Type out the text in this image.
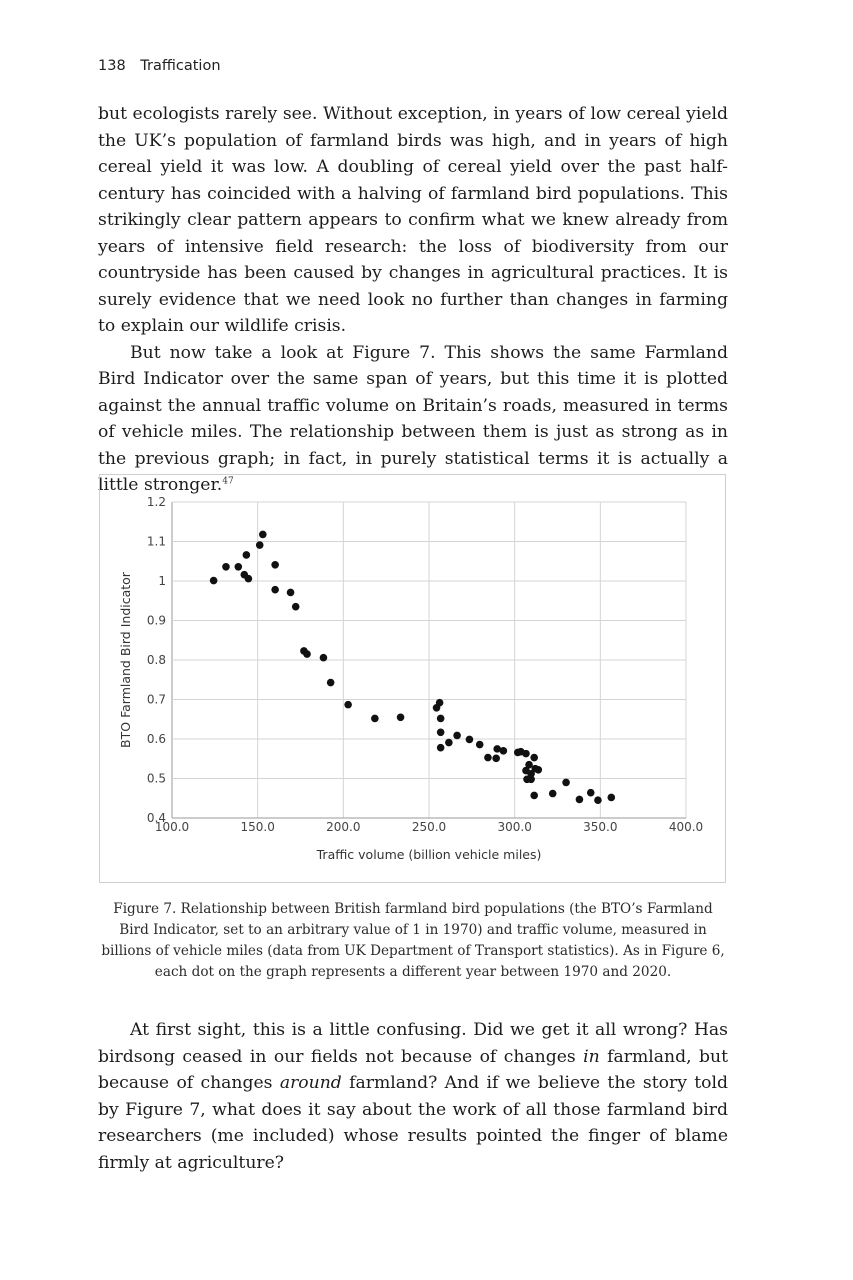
138 Traffication

but ecologists rarely see. Without exception, in years of low cereal yield the UK’s population of farmland birds was high, and in years of high cereal yield it was low. A doubling of cereal yield over the past half-century has coincided with a halving of farmland bird populations. This strikingly clear pattern appears to confirm what we knew already from years of intensive field research: the loss of biodiversity from our countryside has been caused by changes in agricultural practices. It is surely evidence that we need look no further than changes in farming to explain our wildlife crisis.

But now take a look at Figure 7. This shows the same Farmland Bird Indicator over the same span of years, but this time it is plotted against the annual traffic volume on Britain’s roads, measured in terms of vehicle miles. The relationship between them is just as strong as in the previous graph; in fact, in purely statistical terms it is actually a little stronger.$^{47}$

100.0	150.0	200.0	250.0	300.0	350.0	400.0
0.4
0.5
0.6
0.7
0.8
0.9
1
1.1
1.2
Traffic volume (billion vehicle miles)
BTO Farmland Bird Indicator

Figure 7. Relationship between British farmland bird populations (the BTO’s Farmland Bird Indicator, set to an arbitrary value of 1 in 1970) and traffic volume, measured in billions of vehicle miles (data from UK Department of Transport statistics). As in Figure 6, each dot on the graph represents a different year between 1970 and 2020.

At first sight, this is a little confusing. Did we get it all wrong? Has birdsong ceased in our fields not because of changes in farmland, but because of changes around farmland? And if we believe the story told by Figure 7, what does it say about the work of all those farmland bird researchers (me included) whose results pointed the finger of blame firmly at agriculture?
